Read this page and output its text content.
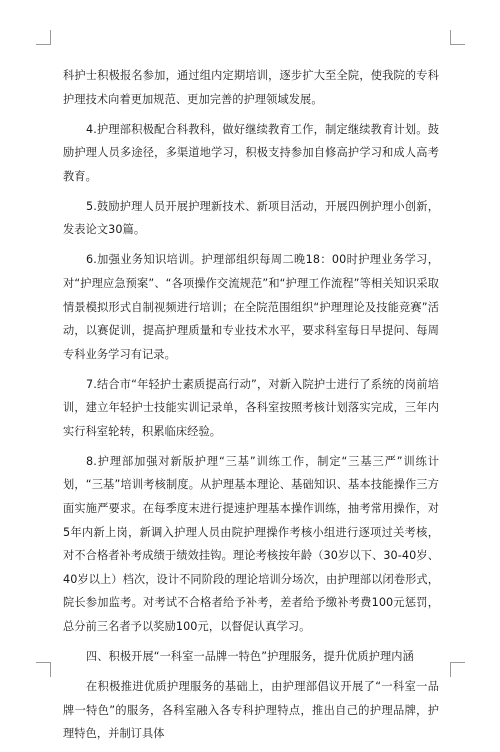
科护士积极报名参加，通过组内定期培训，逐步扩大至全院，使我院的专科护理技术向着更加规范、更加完善的护理领域发展。

4.护理部积极配合科教科，做好继续教育工作，制定继续教育计划。鼓励护理人员多途径，多渠道地学习，积极支持参加自修高护学习和成人高考教育。

5.鼓励护理人员开展护理新技术、新项目活动，开展四例护理小创新，发表论文30篇。

6.加强业务知识培训。护理部组织每周二晚18：00时护理业务学习，对“护理应急预案”、“各项操作交流规范”和“护理工作流程”等相关知识采取情景模拟形式自制视频进行培训；在全院范围组织“护理理论及技能竞赛”活动，以赛促训，提高护理质量和专业技术水平，要求科室每日早提问、每周专科业务学习有记录。

7.结合市“年轻护士素质提高行动”，对新入院护士进行了系统的岗前培训，建立年轻护士技能实训记录单，各科室按照考核计划落实完成，三年内实行科室轮转，积累临床经验。

8.护理部加强对新版护理“三基”训练工作，制定“三基三严”训练计划，“三基”培训考核制度。从护理基本理论、基础知识、基本技能操作三方面实施严要求。在每季度末进行提速护理基本操作训练，抽考常用操作，对5年内新上岗，新调入护理人员由院护理操作考核小组进行逐项过关考核，对不合格者补考成绩于绩效挂钩。理论考核按年龄（30岁以下、30-40岁、40岁以上）档次，设计不同阶段的理论培训分场次，由护理部以闭卷形式，院长参加监考。对考试不合格者给予补考，差者给予缴补考费100元惩罚，总分前三名者予以奖励100元，以督促认真学习。

四、积极开展“一科室一品牌一特色”护理服务，提升优质护理内涵

在积极推进优质护理服务的基础上，由护理部倡议开展了“一科室一品牌一特色”的服务，各科室融入各专科护理特点，推出自己的护理品牌，护理特色，并制订具体
